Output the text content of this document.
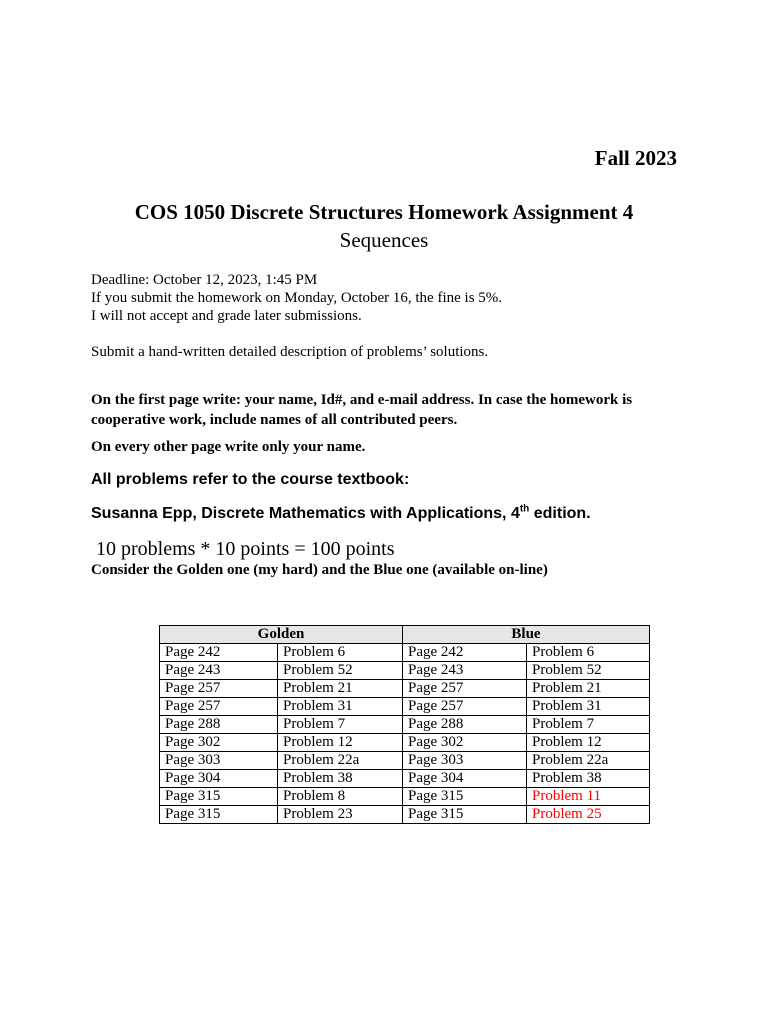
Fall 2023
COS 1050 Discrete Structures Homework Assignment 4
Sequences
Deadline: October 12, 2023, 1:45 PM
If you submit the homework on Monday, October 16, the fine is 5%.
I will not accept and grade later submissions.
Submit a hand-written detailed description of problems’ solutions.
On the first page write: your name, Id#, and e-mail address. In case the homework is cooperative work, include names of all contributed peers.
On every other page write only your name.
All problems refer to the course textbook:
Susanna Epp, Discrete Mathematics with Applications, 4th edition.
10 problems * 10 points = 100 points
Consider the Golden one (my hard) and the Blue one (available on-line)
Golden		Blue	
Page 242	Problem 6	Page 242	Problem 6
Page 243	Problem 52	Page 243	Problem 52
Page 257	Problem 21	Page 257	Problem 21
Page 257	Problem 31	Page 257	Problem 31
Page 288	Problem 7	Page 288	Problem 7
Page 302	Problem 12	Page 302	Problem 12
Page 303	Problem 22a	Page 303	Problem 22a
Page 304	Problem 38	Page 304	Problem 38
Page 315	Problem 8	Page 315	Problem 11
Page 315	Problem 23	Page 315	Problem 25
